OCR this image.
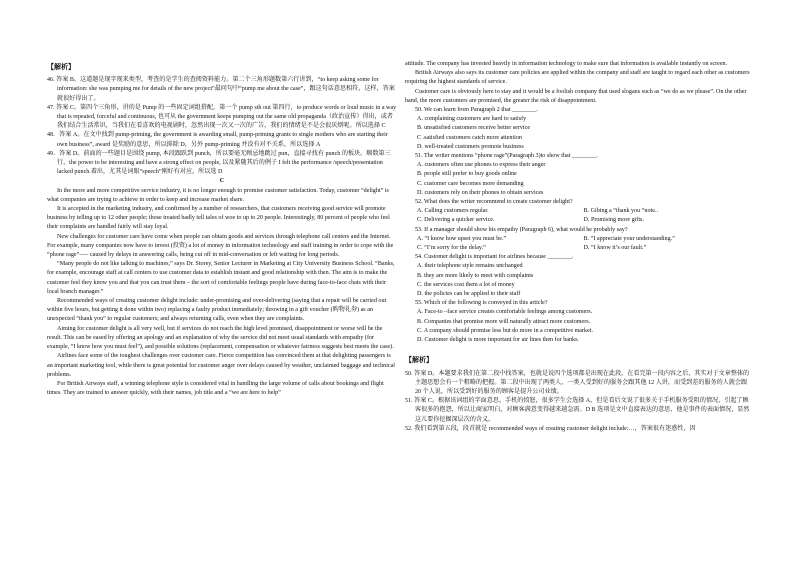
【解析】

46. 答案 B。这道题是现字现来类型，考查的是学生的查阅资料能力。第二个三角形题数第六行讲到，“to keep asking some for information: she was pumping me for details of the new project”最问句中“pump me about the case”，跟这句话意思相符，这样，答案就很好得出了。

47. 答案 C。第四个三角形，讲的是 Pump 的一些固定词组搭配，第一个 pump sth out 第四行，to produce words or loud music in a way that is repeated, forceful and continuous, 也可从 the government keeps pumping out the same old propaganda（政治宣传）得出，或者我们结合生活常识，当我们在看喜欢的电视剧时，忽然出现一次又一次的广告，我们的情绪是不是会很厌烦呢。所以选择 C

48．答案 A。在文中找到 pump-priming, the government is awarding small, pump-priming grants to single mothers who are starting their own business”, award 是奖励的意思，所以排除 D，另外 pump-priming 并没有对不关系，所以选择 A

49．答案 D。前面的一些题目是围绕 pump, 本段跟跃到 punch，所以要毫无顾忌地跳过 pun，直接寻找有 punch 的板块。顺数第三行，the power to be interesting and have a strong effect on people, 以及紧随其后的例子 I felt the performance /speech/presentation lacked punch.着出，尤其是词眼“speech”刚好有对应，所以选 D

C

In the more and more competitive service industry, it is no longer enough to promise customer satisfaction. Today, customer “delight” is what companies are trying to achieve in order to keep and increase market share.

It is accepted in the marketing industry, and confirmed by a number of researchers, that customers receiving good service will promote business by telling up to 12 other people; those treated badly tell tales of woe to up to 20 people. Interestingly, 80 percent of people who feel their complaints are handled fairly will stay loyal.

New challenges for customer care have come when people can obtain goods and services through telephone call centers and the Internet. For example, many companies now have to invest (投资) a lot of money in information technology and staff training in order to cope with the “phone rage”—– caused by delays in answering calls, being cut off in mid-conversation or left waiting for long periods.

“Many people do not like talking to machines,” says Dr. Storey, Senior Lecturer in Marketing at City University Business School. “Banks, for example, encourage staff at call centers to use customer data to establish instant and good relationship with then. The aim is to make the customer feel they know you and that you can trust them – the sort of comfortable feelings people have during face-to-face chats with their local branch manager.”

Recommended ways of creating customer delight include: under-promising and over-delivering (saying that a repair will be carried out within five hours, but getting it done within two) replacing a faulty product immediately; throwing in a gift voucher (购物礼券) as an unexpected “thank you” to regular customers; and always returning calls, even when they are complaints.

Aiming for customer delight is all very well, but if services do not reach the high level promised, disappointment or worse will be the result. This can be eased by offering an apology and an explanation of why the service did not meet usual standards with empathy (for example, “I know how you must feel”), and possible solutions (replacement, compensation or whatever fairness suggests best meets the case).

Airlines face some of the toughest challenges over customer care. Fierce competition has convinced them at that delighting passengers is an important marketing tool, while there is great potential for customer anger over delays caused by weather, unclaimed baggage and technical problems.

For British Airways staff, a winning telephone style is considered vital in handling the large volume of calls about bookings and flight times. They are trained to answer quickly, with their names, job title and a “we are here to help”

attitude. The company has invested heavily in information technology to make sure that information is available instantly on screen.

British Airways also says its customer care policies are applied within the company and staff are taught to regard each other as customers requiring the highest standards of service.

Customer care is obviously here to stay and it would be a foolish company that used slogans such as “we do as we please”. On the other hand, the more customers are promised, the greater the risk of disappointment.

50. We can learn from Paragraph 2 that ________.

A. complaining customers are hard to satisfy

B. unsatisfied customers receive better service

C .satisfied customers catch more attention

D. well-treated customers promote business

51. The writer mentions “phone rage”(Paragraph 3)to show that ________.

A. customers often use phones to express their anger

B. people still prefer to buy goods online

C. customer care becomes more demanding

D. customers rely on their phones to obtain services

52. What does the writer recommend to create customer delight?

A. Calling customers regular.	B. Gibing a “thank you “note..
C. Delivering a quicker service.	D. Promising more gifts.

53. If a manager should show his empathy (Paragraph 6), what would he probably say?

A. “I know how upset you must be.”	B. “I appreciate your understanding.”
C. “I’m sorry for the delay.”	D. “I know it’s our fault.”

54. Customer delight is important for airlines because ________.

A. their telephone style remains unchanged

B. they are more likely to meet with complaints

C. the services cost them a lot of money

D. the policies can be applied to their staff

55. Which of the following is conveyed in this article?

A. Face-to –face service creates comfortable feelings among customers.

B. Companies that promise more will naturally attract more customers.

C. A company should promise less but do more in a competitive market.

D. Customer delight is more important for air lines then for banks.

【解析】

50. 答案 D。本题要求我们在第二段中找答案，也就是说四个选项都是出现在此段，在看完第一段内容之后，其实对于文章整体的主题思想会有一个粗略的把握。第二段中出现了两类人，一类人受到好的服务会跟其他 12 人讲，而受到差的服务的人就会跟 20 个人说，所以受到好的服务的顾客是提升公司业绩。

51. 答案 C。根据该词组的字面意思，手机的愤怒，很多学生会选择 A，但是看后文说了很多关于手机服务受阻的情况，引起了顾客很多的抱怨，所以让商家明白，对顾客满意变得越来越急需。D B 选项是文中直接表达的意思，他是事件的表面情况，显然这儿要你挖掘深层次的含义。

52. 我们看到第五段，段首就是 recommended ways of creating customer delight include:…，答案很有迷惑性，因
